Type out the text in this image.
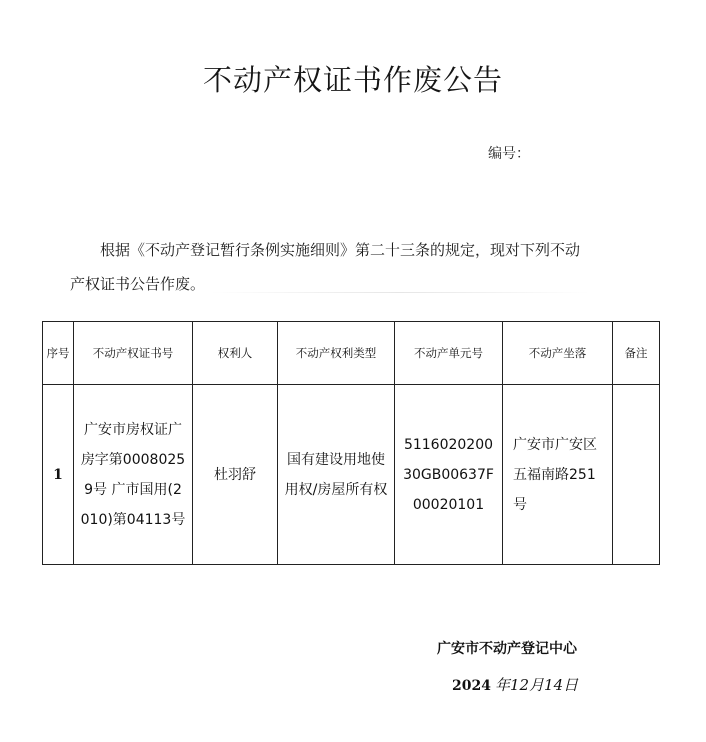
不动产权证书作废公告
编号：
根据《不动产登记暂行条例实施细则》第二十三条的规定，现对下列不动
产权证书公告作废。
序号	不动产权证书号	权利人	不动产权利类型	不动产单元号	不动产坐落	备注
1	广安市房权证广房字第00080259号 广市国用(2010)第04113号	杜羽舒	国有建设用地使用权/房屋所有权	511602020030GB00637F00020101	广安市广安区五福南路251号	
广安市不动产登记中心
2024 年12月14日
